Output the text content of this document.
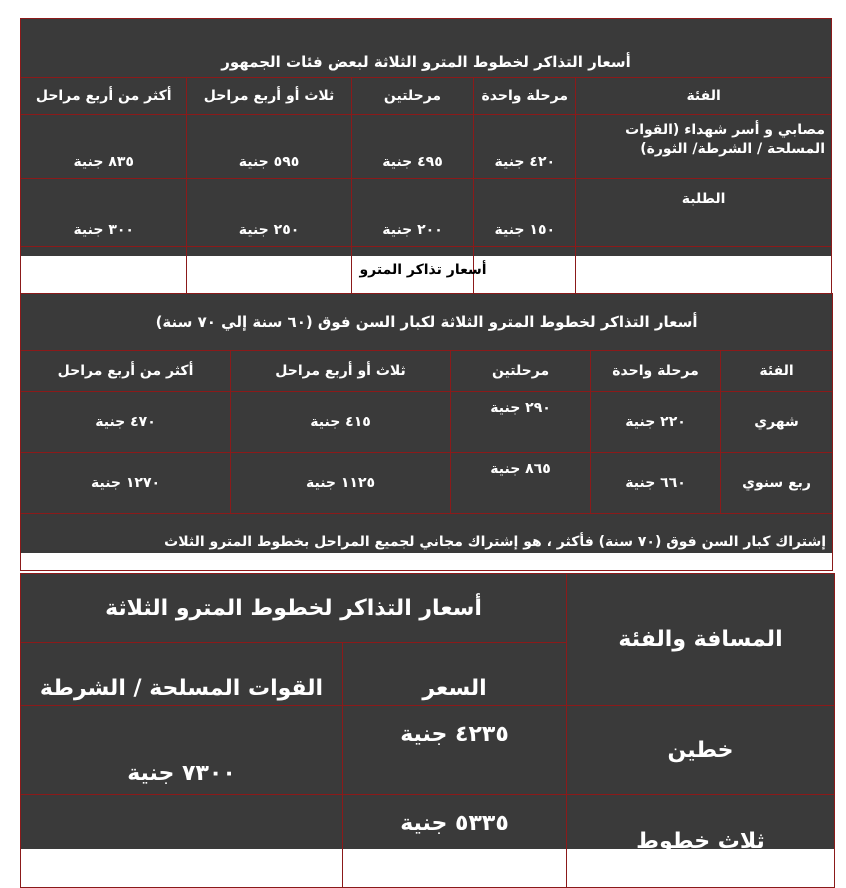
أسعار التذاكر لخطوط المترو الثلاثة لبعض فئات الجمهور				
الفئة	مرحلة واحدة	مرحلتين	ثلاث أو أربع مراحل	أكثر من أربع مراحل
مصابي و أسر شهداء (القوات المسلحة / الشرطة/ الثورة)	٤٢٠ جنية	٤٩٥ جنية	٥٩٥ جنية	٨٣٥ جنية
الطلبة	١٥٠ جنية	٢٠٠ جنية	٢٥٠ جنية	٣٠٠ جنية

أسعار تذاكر المترو
أسعار التذاكر لخطوط المترو الثلاثة لكبار السن فوق (٦٠ سنة إلي ٧٠ سنة)				
الفئة	مرحلة واحدة	مرحلتين	ثلاث أو أربع مراحل	أكثر من أربع مراحل
شهري	٢٢٠ جنية	٢٩٠ جنية	٤١٥ جنية	٤٧٠ جنية
ربع سنوي	٦٦٠ جنية	٨٦٥ جنية	١١٢٥ جنية	١٢٧٠ جنية
إشتراك كبار السن فوق (٧٠ سنة) فأكثر ، هو إشتراك مجاني لجميع المراحل بخطوط المترو الثلاث				
المسافة والفئة	أسعار التذاكر لخطوط المترو الثلاثة	
	السعر	القوات المسلحة / الشرطة
خطين	٤٢٣٥ جنية	٧٣٠٠ جنية
ثلاث خطوط	٥٣٣٥ جنية	٧٣٠٠ جنية
